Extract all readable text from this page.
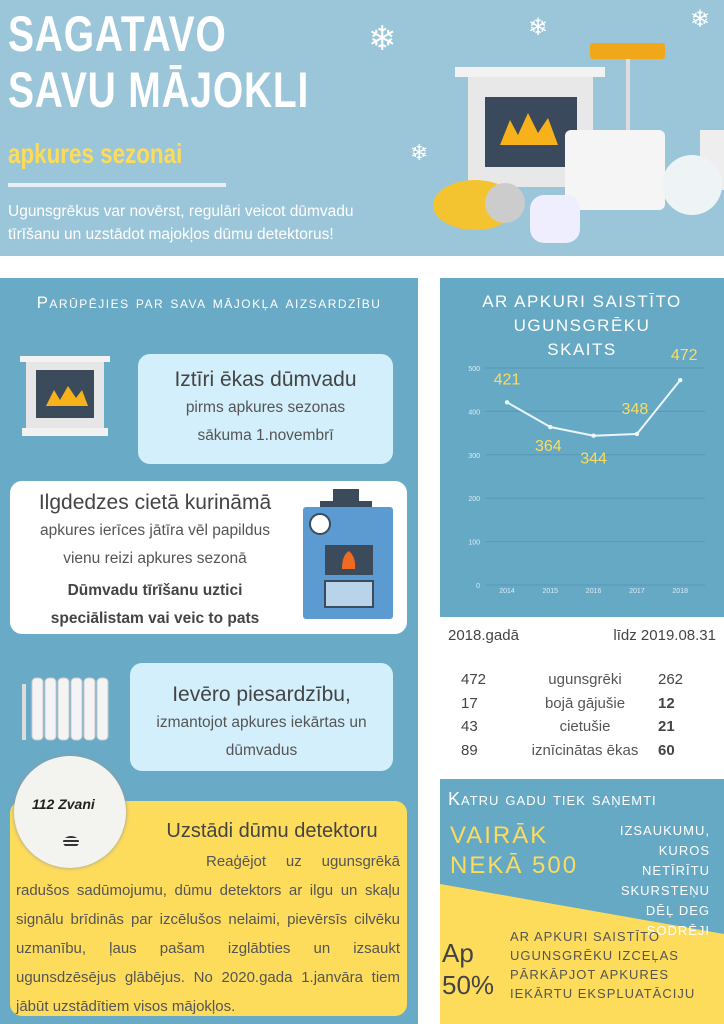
SAGATAVO
SAVU MĀJOKLI
apkures sezonai
Ugunsgrēkus var novērst, regulāri veicot dūmvadu tīrīšanu un uzstādot majokļos dūmu detektorus!
❄
❄
❄	❄
Parūpējies par sava mājokļa aizsardzību
Iztīri ēkas dūmvadu
pirms apkures sezonas sākuma 1.novembrī
Ilgdedzes cietā kurināmā
apkures ierīces jātīra vēl papildus vienu reizi apkures sezonā
Dūmvadu tīrīšanu uztici speciālistam vai veic to pats
Ievēro piesardzību,
izmantojot apkures iekārtas un dūmvadus
Uzstādi dūmu detektoru
Reaģējot uz ugunsgrēkā radušos sadūmojumu, dūmu detektors ar ilgu un skaļu signālu brīdinās par izcēlušos nelaimi, pievērsīs cilvēku uzmanību, ļaus pašam izglābties un izsaukt ugunsdzēsējus glābējus. No 2020.gada 1.janvāra tiem jābūt uzstādītiem visos mājokļos.
112 Zvani
AR APKURI SAISTĪTO UGUNSGRĒKU SKAITS
0
100
200
300
400
500
2014	2015	2016	2017	2018
421
364
344
348
472
2018.gadā	līdz 2019.08.31
472	ugunsgrēki	262
17	bojā gājušie	12
43	cietušie	21
89	iznīcinātas ēkas	60
Katru gadu tiek saņemti
VAIRĀK
NEKĀ 500
IZSAUKUMU, KUROS NETĪRĪTU SKURSTEŅU DĒĻ DEG SODRĒJI
Ap
50%
AR APKURI SAISTĪTO UGUNSGRĒKU IZCEĻAS PĀRKĀPJOT APKURES IEKĀRTU EKSPLUATĀCIJU
